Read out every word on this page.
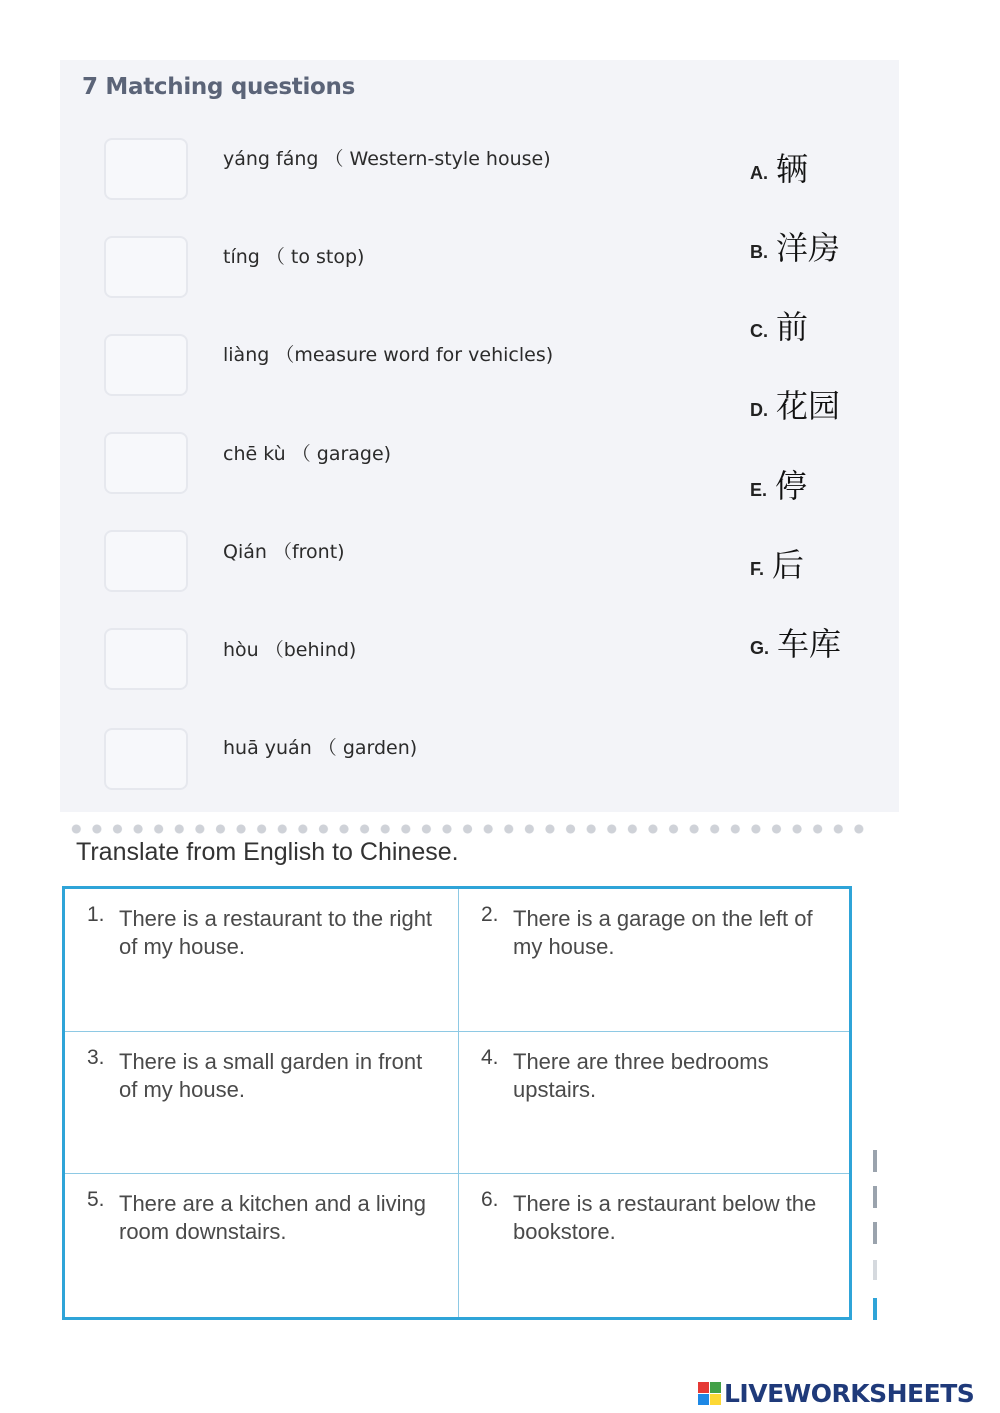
7 Matching questions
yáng fáng （ Western-style house)
tíng （ to stop)
liàng （measure word for vehicles)
chē kù （ garage)
Qián （front)
hòu （behind)
huā yuán （ garden)
A. 辆
B. 洋房
C. 前
D. 花园
E. 停
F. 后
G. 车库
Translate from English to Chinese.
1. There is a restaurant to the right of my house.
2. There is a garage on the left of my house.
3. There is a small garden in front of my house.
4. There are three bedrooms upstairs.
5. There are a kitchen and a living room downstairs.
6. There is a restaurant below the bookstore.
LIVEWORKSHEETS
